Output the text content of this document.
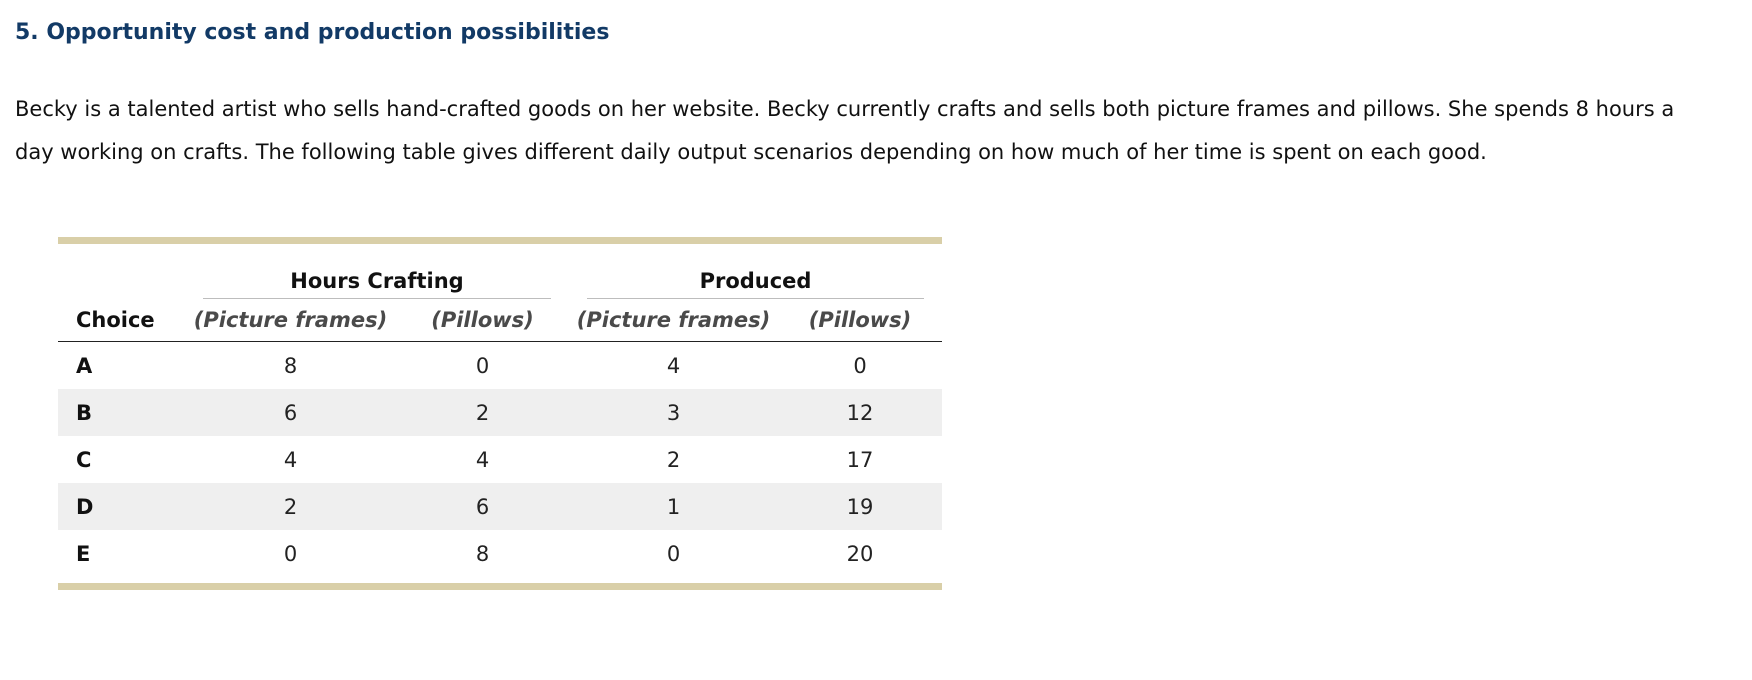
5. Opportunity cost and production possibilities

Becky is a talented artist who sells hand-crafted goods on her website. Becky currently crafts and sells both picture frames and pillows. She spends 8 hours a day working on crafts. The following table gives different daily output scenarios depending on how much of her time is spent on each good.

	Hours Crafting		Produced	

Choice	(Picture frames)	(Pillows)	(Picture frames)	(Pillows)
A	8	0	4	0
B	6	2	3	12
C	4	4	2	17
D	2	6	1	19
E	0	8	0	20
